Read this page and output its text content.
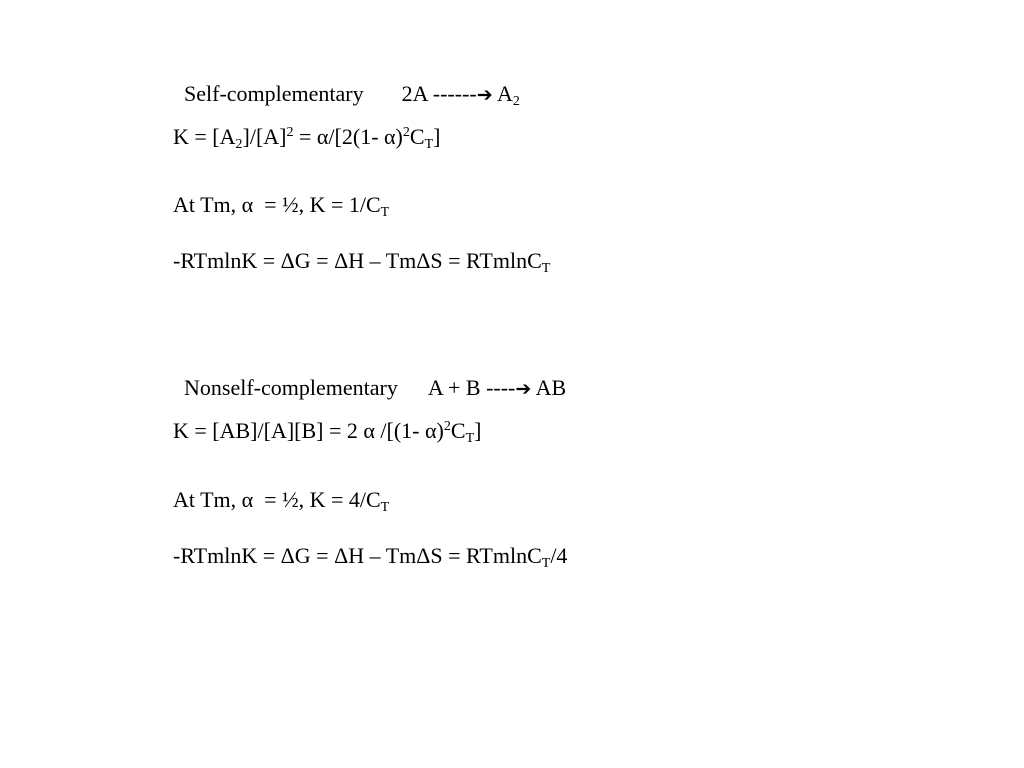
Self-complementary 2A ------➔ $A_2$

$K = [A_2]/[A]^2 = \alpha/[2(1-$ $\alpha)^2C_T$]
At Tm, α  = ½, $K = 1/C_T$
-RTmlnK = ΔG = ΔH – TmΔS = RTmlnC$_T$

Nonself-complementary A + B ----➔ AB

K = [AB]/[A][B] = 2 α /[(1- $\alpha)^2C_T$]
At Tm, α  = ½, $K = 4/C_T$
-RTmlnK = ΔG = ΔH – TmΔS = RTmlnC$_T$/4
